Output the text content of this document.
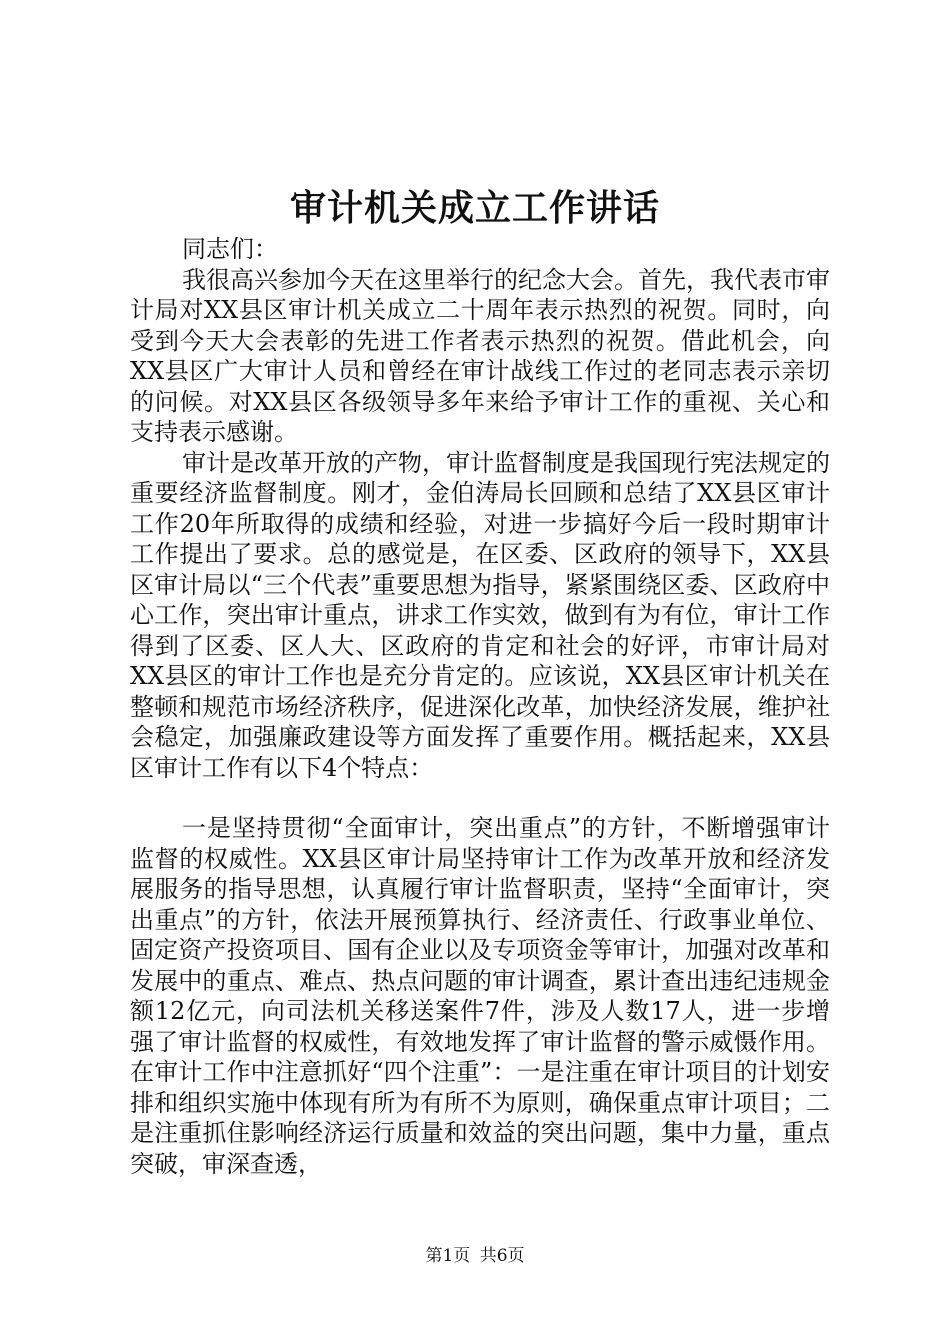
审计机关成立工作讲话

同志们：

我很高兴参加今天在这里举行的纪念大会。首先，我代表市审计局对XX县区审计机关成立二十周年表示热烈的祝贺。同时，向受到今天大会表彰的先进工作者表示热烈的祝贺。借此机会，向XX县区广大审计人员和曾经在审计战线工作过的老同志表示亲切的问候。对XX县区各级领导多年来给予审计工作的重视、关心和支持表示感谢。

审计是改革开放的产物，审计监督制度是我国现行宪法规定的重要经济监督制度。刚才，金伯涛局长回顾和总结了XX县区审计工作20年所取得的成绩和经验，对进一步搞好今后一段时期审计工作提出了要求。总的感觉是，在区委、区政府的领导下，XX县区审计局以“三个代表”重要思想为指导，紧紧围绕区委、区政府中心工作，突出审计重点，讲求工作实效，做到有为有位，审计工作得到了区委、区人大、区政府的肯定和社会的好评，市审计局对XX县区的审计工作也是充分肯定的。应该说，XX县区审计机关在整顿和规范市场经济秩序，促进深化改革，加快经济发展，维护社会稳定，加强廉政建设等方面发挥了重要作用。概括起来，XX县区审计工作有以下4个特点：

一是坚持贯彻“全面审计，突出重点”的方针，不断增强审计监督的权威性。XX县区审计局坚持审计工作为改革开放和经济发展服务的指导思想，认真履行审计监督职责，坚持“全面审计，突出重点”的方针，依法开展预算执行、经济责任、行政事业单位、固定资产投资项目、国有企业以及专项资金等审计，加强对改革和发展中的重点、难点、热点问题的审计调查，累计查出违纪违规金额12亿元，向司法机关移送案件7件，涉及人数17人，进一步增强了审计监督的权威性，有效地发挥了审计监督的警示威慑作用。在审计工作中注意抓好“四个注重”：一是注重在审计项目的计划安排和组织实施中体现有所为有所不为原则，确保重点审计项目；二是注重抓住影响经济运行质量和效益的突出问题，集中力量，重点突破，审深查透，

第1页 共6页
